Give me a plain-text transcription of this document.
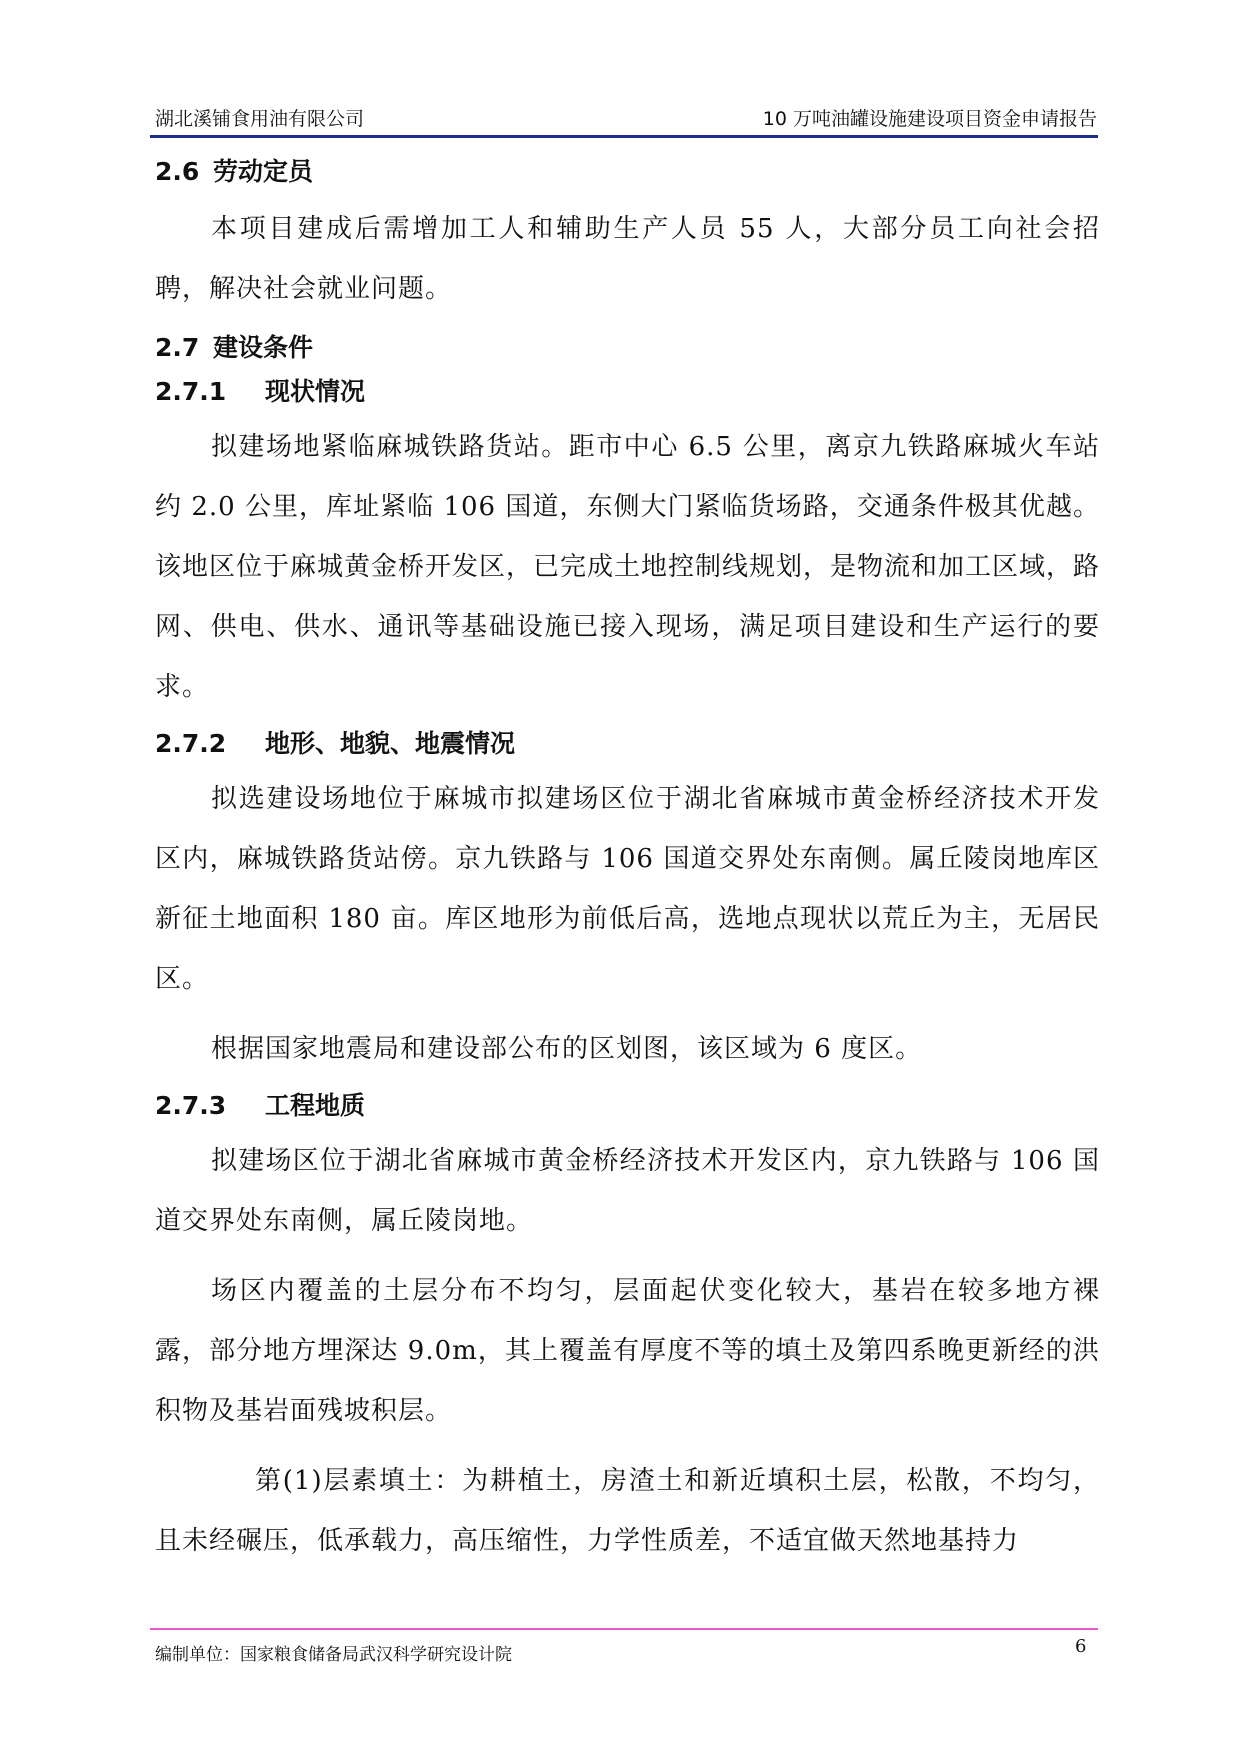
湖北溪铺食用油有限公司	10 万吨油罐设施建设项目资金申请报告
2.6 劳动定员

本项目建成后需增加工人和辅助生产人员 55 人，大部分员工向社会招聘，解决社会就业问题。

2.7 建设条件
2.7.1 现状情况

拟建场地紧临麻城铁路货站。距市中心 6.5 公里，离京九铁路麻城火车站约 2.0 公里，库址紧临 106 国道，东侧大门紧临货场路，交通条件极其优越。该地区位于麻城黄金桥开发区，已完成土地控制线规划，是物流和加工区域，路网、供电、供水、通讯等基础设施已接入现场，满足项目建设和生产运行的要求。

2.7.2 地形、地貌、地震情况

拟选建设场地位于麻城市拟建场区位于湖北省麻城市黄金桥经济技术开发区内，麻城铁路货站傍。京九铁路与 106 国道交界处东南侧。属丘陵岗地库区新征土地面积 180 亩。库区地形为前低后高，选地点现状以荒丘为主，无居民区。

根据国家地震局和建设部公布的区划图，该区域为 6 度区。

2.7.3 工程地质

拟建场区位于湖北省麻城市黄金桥经济技术开发区内，京九铁路与 106 国道交界处东南侧，属丘陵岗地。

场区内覆盖的土层分布不均匀，层面起伏变化较大，基岩在较多地方裸露，部分地方埋深达 9.0m，其上覆盖有厚度不等的填土及第四系晚更新经的洪积物及基岩面残坡积层。

第(1)层素填土：为耕植土，房渣土和新近填积土层，松散，不均匀，且未经碾压，低承载力，高压缩性，力学性质差，不适宜做天然地基持力

编制单位：国家粮食储备局武汉科学研究设计院	6
